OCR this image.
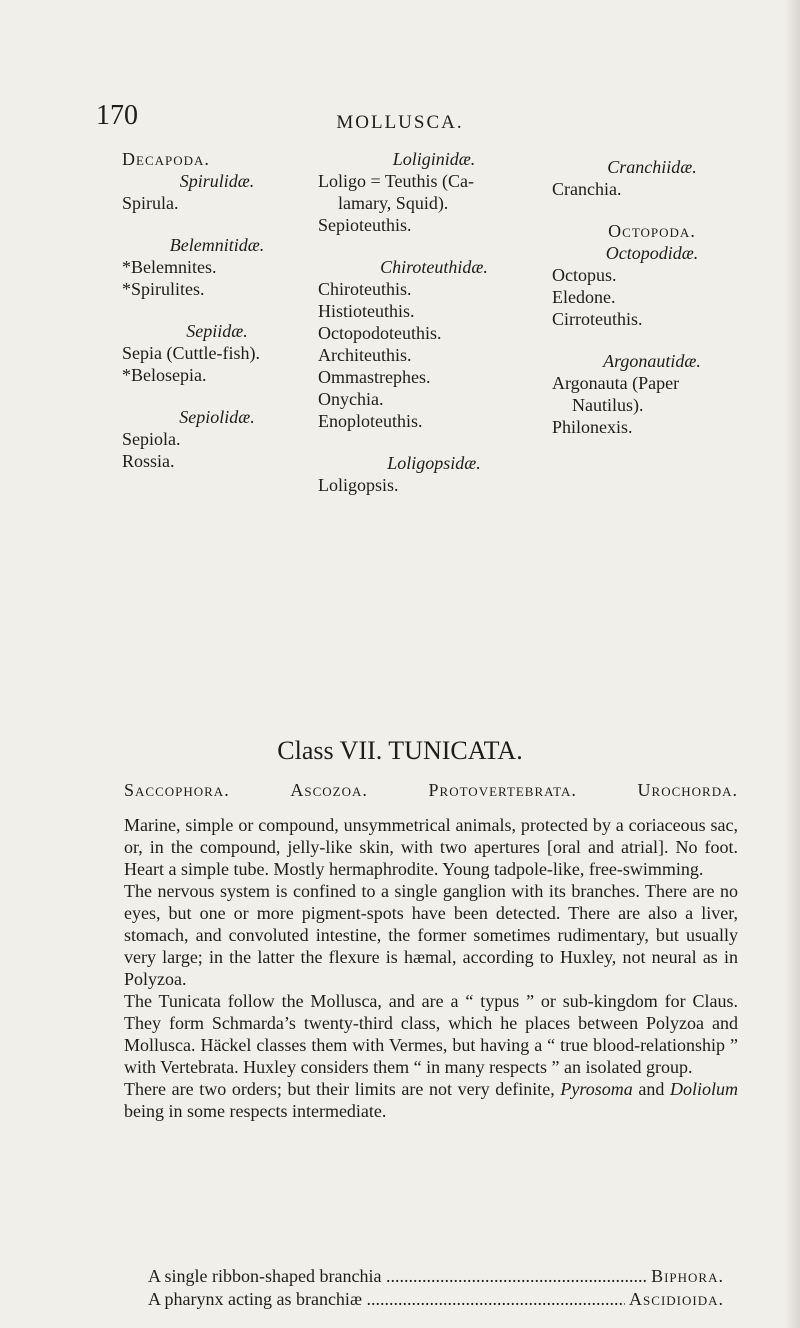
170	MOLLUSCA.
Decapoda.
Spirulidæ.
Spirula.
Belemnitidæ.
*Belemnites.
*Spirulites.
Sepiidæ.
Sepia (Cuttle-fish).
*Belosepia.
Sepiolidæ.
Sepiola.
Rossia.
Loliginidæ.
Loligo = Teuthis (Ca-
lamary, Squid).
Sepioteuthis.
Chiroteuthidæ.
Chiroteuthis.
Histioteuthis.
Octopodoteuthis.
Architeuthis.
Ommastrephes.
Onychia.
Enoploteuthis.
Loligopsidæ.
Loligopsis.
Cranchiidæ.
Cranchia.
Octopoda.
Octopodidæ.
Octopus.
Eledone.
Cirroteuthis.
Argonautidæ.
Argonauta (Paper
Nautilus).
Philonexis.
Class VII. TUNICATA.
Saccophora.	Ascozoa.	Protovertebrata.	Urochorda.

Marine, simple or compound, unsymmetrical animals, protected by a coriaceous sac, or, in the compound, jelly-like skin, with two apertures [oral and atrial]. No foot. Heart a simple tube. Mostly hermaphrodite. Young tadpole-like, free-swimming.

The nervous system is confined to a single ganglion with its branches. There are no eyes, but one or more pigment-spots have been detected. There are also a liver, stomach, and convoluted intestine, the former sometimes rudimentary, but usually very large; in the latter the flexure is hæmal, according to Huxley, not neural as in Polyzoa.

The Tunicata follow the Mollusca, and are a “ typus ” or sub-kingdom for Claus. They form Schmarda’s twenty-third class, which he places between Polyzoa and Mollusca. Häckel classes them with Vermes, but having a “ true blood-relationship ” with Vertebrata. Huxley considers them “ in many respects ” an isolated group.

There are two orders; but their limits are not very definite, Pyrosoma and Doliolum being in some respects intermediate.

A single ribbon-shaped branchia .....	Biphora.
A pharynx acting as branchiæ .....	Ascidioida.
